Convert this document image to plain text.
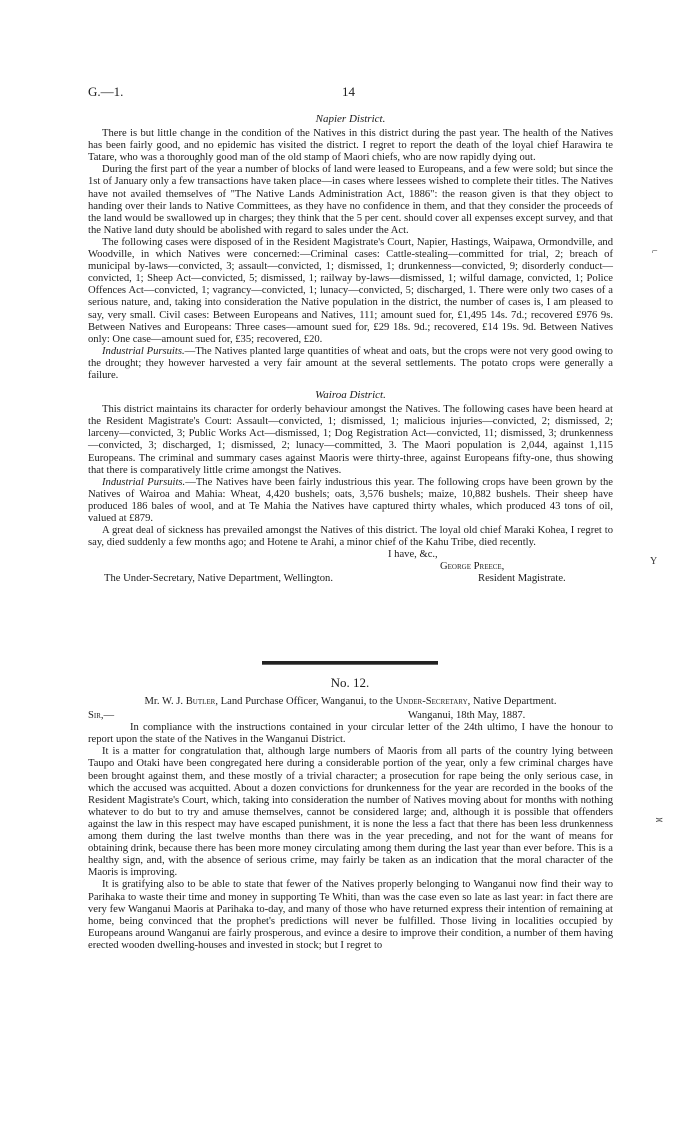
G.—1.	14

Napier District.

There is but little change in the condition of the Natives in this district during the past year. The health of the Natives has been fairly good, and no epidemic has visited the district. I regret to report the death of the loyal chief Harawira te Tatare, who was a thoroughly good man of the old stamp of Maori chiefs, who are now rapidly dying out.

During the first part of the year a number of blocks of land were leased to Europeans, and a few were sold; but since the 1st of January only a few transactions have taken place—in cases where lessees wished to complete their titles. The Natives have not availed themselves of "The Native Lands Administration Act, 1886": the reason given is that they object to handing over their lands to Native Committees, as they have no confidence in them, and that they consider the proceeds of the land would be swallowed up in charges; they think that the 5 per cent. should cover all expenses except survey, and that the Native land duty should be abolished with regard to sales under the Act.

The following cases were disposed of in the Resident Magistrate's Court, Napier, Hastings, Waipawa, Ormondville, and Woodville, in which Natives were concerned:—Criminal cases: Cattle-stealing—committed for trial, 2; breach of municipal by-laws—convicted, 3; assault—convicted, 1; dismissed, 1; drunkenness—convicted, 9; disorderly conduct—convicted, 1; Sheep Act—convicted, 5; dismissed, 1; railway by-laws—dismissed, 1; wilful damage, convicted, 1; Police Offences Act—convicted, 1; vagrancy—convicted, 1; lunacy—convicted, 5; discharged, 1. There were only two cases of a serious nature, and, taking into consideration the Native population in the district, the number of cases is, I am pleased to say, very small. Civil cases: Between Europeans and Natives, 111; amount sued for, £1,495 14s. 7d.; recovered £976 9s. Between Natives and Europeans: Three cases—amount sued for, £29 18s. 9d.; recovered, £14 19s. 9d. Between Natives only: One case—amount sued for, £35; recovered, £20.

Industrial Pursuits.—The Natives planted large quantities of wheat and oats, but the crops were not very good owing to the drought; they however harvested a very fair amount at the several settlements. The potato crops were generally a failure.

Wairoa District.

This district maintains its character for orderly behaviour amongst the Natives. The following cases have been heard at the Resident Magistrate's Court: Assault—convicted, 1; dismissed, 1; malicious injuries—convicted, 2; dismissed, 2; larceny—convicted, 3; Public Works Act—dismissed, 1; Dog Registration Act—convicted, 11; dismissed, 3; drunkenness—convicted, 3; discharged, 1; dismissed, 2; lunacy—committed, 3. The Maori population is 2,044, against 1,115 Europeans. The criminal and summary cases against Maoris were thirty-three, against Europeans fifty-one, thus showing that there is comparatively little crime amongst the Natives.

Industrial Pursuits.—The Natives have been fairly industrious this year. The following crops have been grown by the Natives of Wairoa and Mahia: Wheat, 4,420 bushels; oats, 3,576 bushels; maize, 10,882 bushels. Their sheep have produced 186 bales of wool, and at Te Mahia the Natives have captured thirty whales, which produced 43 tons of oil, valued at £879.

A great deal of sickness has prevailed amongst the Natives of this district. The loyal old chief Maraki Kohea, I regret to say, died suddenly a few months ago; and Hotene te Arahi, a minor chief of the Kahu Tribe, died recently.

I have, &c.,
George Preece,
The Under-Secretary, Native Department, Wellington.	Resident Magistrate.
No. 12.

Mr. W. J. Butler, Land Purchase Officer, Wanganui, to the Under-Secretary, Native Department.

Sir,—	Wanganui, 18th May, 1887.

In compliance with the instructions contained in your circular letter of the 24th ultimo, I have the honour to report upon the state of the Natives in the Wanganui District.

It is a matter for congratulation that, although large numbers of Maoris from all parts of the country lying between Taupo and Otaki have been congregated here during a considerable portion of the year, only a few criminal charges have been brought against them, and these mostly of a trivial character; a prosecution for rape being the only serious case, in which the accused was acquitted. About a dozen convictions for drunkenness for the year are recorded in the books of the Resident Magistrate's Court, which, taking into consideration the number of Natives moving about for months with nothing whatever to do but to try and amuse themselves, cannot be considered large; and, although it is possible that offenders against the law in this respect may have escaped punishment, it is none the less a fact that there has been less drunkenness among them during the last twelve months than there was in the year preceding, and not for the want of means for obtaining drink, because there has been more money circulating among them during the last year than ever before. This is a healthy sign, and, with the absence of serious crime, may fairly be taken as an indication that the moral character of the Maoris is improving.

It is gratifying also to be able to state that fewer of the Natives properly belonging to Wanganui now find their way to Parihaka to waste their time and money in supporting Te Whiti, than was the case even so late as last year: in fact there are very few Wanganui Maoris at Parihaka to-day, and many of those who have returned express their intention of remaining at home, being convinced that the prophet's predictions will never be fulfilled. Those living in localities occupied by Europeans around Wanganui are fairly prosperous, and evince a desire to improve their condition, a number of them having erected wooden dwelling-houses and invested in stock; but I regret to

⌐
Y
≍
